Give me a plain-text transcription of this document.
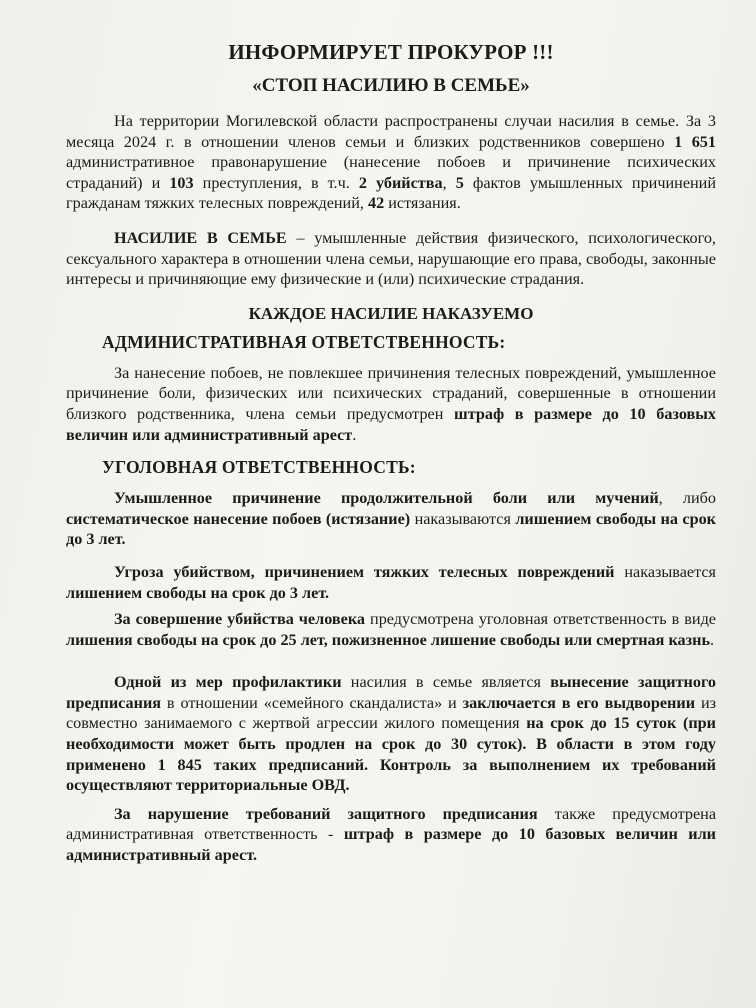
ИНФОРМИРУЕТ ПРОКУРОР !!!
«СТОП НАСИЛИЮ В СЕМЬЕ»

На территории Могилевской области распространены случаи насилия в семье. За 3 месяца 2024 г. в отношении членов семьи и близких родственников совершено 1 651 административное правонарушение (нанесение побоев и причинение психических страданий) и 103 преступления, в т.ч. 2 убийства, 5 фактов умышленных причинений гражданам тяжких телесных повреждений, 42 истязания.

НАСИЛИЕ В СЕМЬЕ – умышленные действия физического, психологического, сексуального характера в отношении члена семьи, нарушающие его права, свободы, законные интересы и причиняющие ему физические и (или) психические страдания.

КАЖДОЕ НАСИЛИЕ НАКАЗУЕМО
АДМИНИСТРАТИВНАЯ ОТВЕТСТВЕННОСТЬ:

За нанесение побоев, не повлекшее причинения телесных повреждений, умышленное причинение боли, физических или психических страданий, совершенные в отношении близкого родственника, члена семьи предусмотрен штраф в размере до 10 базовых величин или административный арест.

УГОЛОВНАЯ ОТВЕТСТВЕННОСТЬ:

Умышленное причинение продолжительной боли или мучений, либо систематическое нанесение побоев (истязание) наказываются лишением свободы на срок до 3 лет.

Угроза убийством, причинением тяжких телесных повреждений наказывается лишением свободы на срок до 3 лет.

За совершение убийства человека предусмотрена уголовная ответственность в виде лишения свободы на срок до 25 лет, пожизненное лишение свободы или смертная казнь.

Одной из мер профилактики насилия в семье является вынесение защитного предписания в отношении «семейного скандалиста» и заключается в его выдворении из совместно занимаемого с жертвой агрессии жилого помещения на срок до 15 суток (при необходимости может быть продлен на срок до 30 суток). В области в этом году применено 1 845 таких предписаний. Контроль за выполнением их требований осуществляют территориальные ОВД.

За нарушение требований защитного предписания также предусмотрена административная ответственность - штраф в размере до 10 базовых величин или административный арест.
